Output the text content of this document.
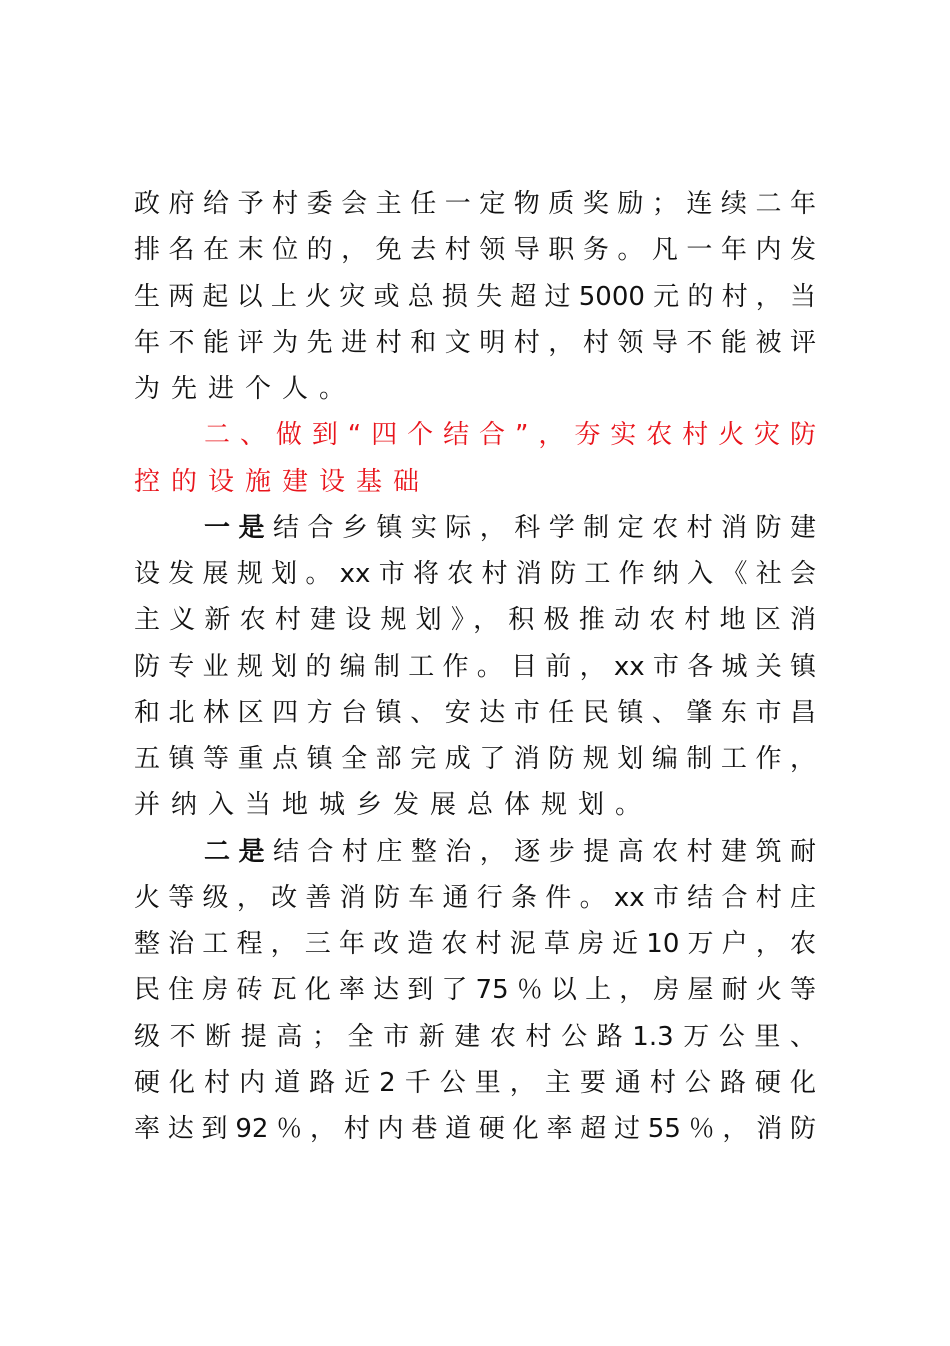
政府给予村委会主任一定物质奖励；连续二年
排名在末位的，免去村领导职务。凡一年内发
生两起以上火灾或总损失超过5000元的村，当
年不能评为先进村和文明村，村领导不能被评
为先进个人。
二、做到“四个结合”，夯实农村火灾防
控的设施建设基础
一是结合乡镇实际，科学制定农村消防建
设发展规划。xx市将农村消防工作纳入《社会
主义新农村建设规划》，积极推动农村地区消
防专业规划的编制工作。目前，xx市各城关镇
和北林区四方台镇、安达市任民镇、肇东市昌
五镇等重点镇全部完成了消防规划编制工作，
并纳入当地城乡发展总体规划。
二是结合村庄整治，逐步提高农村建筑耐
火等级，改善消防车通行条件。xx市结合村庄
整治工程，三年改造农村泥草房近10万户，农
民住房砖瓦化率达到了75％以上，房屋耐火等
级不断提高；全市新建农村公路1.3万公里、
硬化村内道路近2千公里，主要通村公路硬化
率达到92％，村内巷道硬化率超过55％，消防
